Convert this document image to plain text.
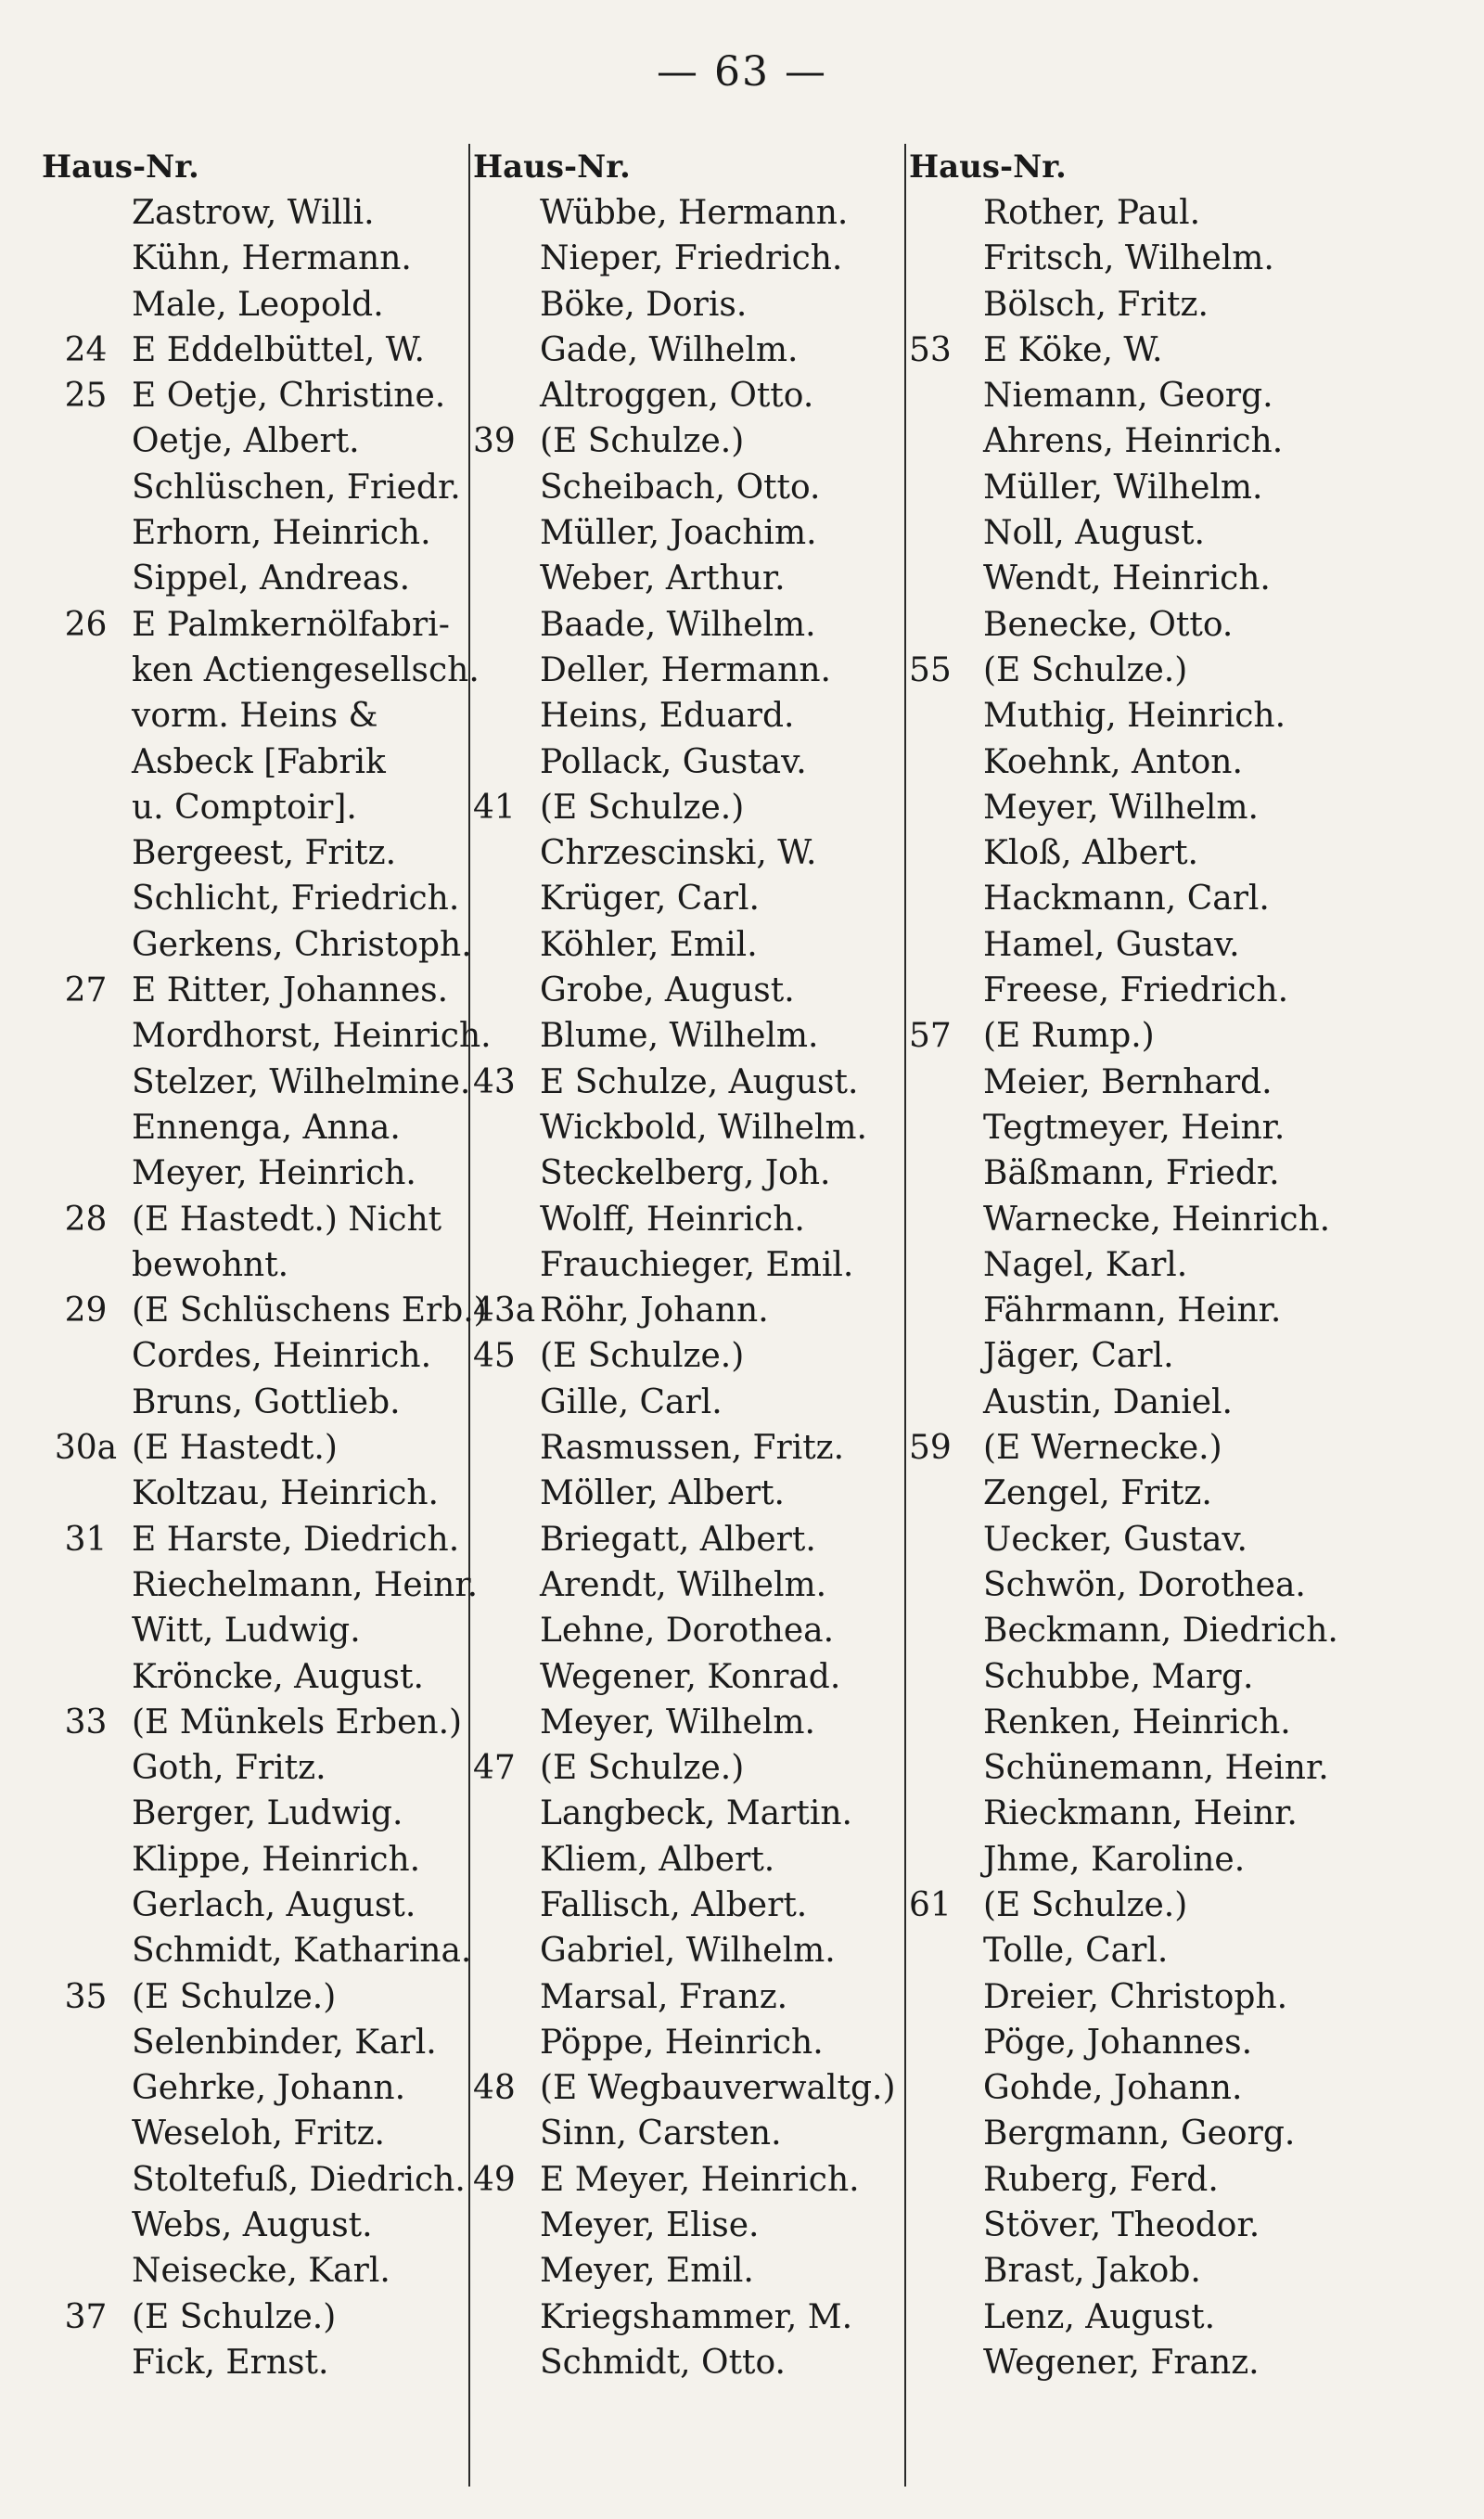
— 63 —
Haus-Nr.
Zastrow, Willi.
Kühn, Hermann.
Male, Leopold.
24 E Eddelbüttel, W.
25 E Oetje, Christine.
Oetje, Albert.
Schlüschen, Friedr.
Erhorn, Heinrich.
Sippel, Andreas.
26 E Palmkernölfabri-
ken Actiengesellsch.
vorm. Heins &
Asbeck [Fabrik
u. Comptoir].
Bergeest, Fritz.
Schlicht, Friedrich.
Gerkens, Christoph.
27 E Ritter, Johannes.
Mordhorst, Heinrich.
Stelzer, Wilhelmine.
Ennenga, Anna.
Meyer, Heinrich.
28 (E Hastedt.) Nicht
bewohnt.
29 (E Schlüschens Erb.)
Cordes, Heinrich.
Bruns, Gottlieb.
30a (E Hastedt.)
Koltzau, Heinrich.
31 E Harste, Diedrich.
Riechelmann, Heinr.
Witt, Ludwig.
Kröncke, August.
33 (E Münkels Erben.)
Goth, Fritz.
Berger, Ludwig.
Klippe, Heinrich.
Gerlach, August.
Schmidt, Katharina.
35 (E Schulze.)
Selenbinder, Karl.
Gehrke, Johann.
Weseloh, Fritz.
Stoltefuß, Diedrich.
Webs, August.
Neisecke, Karl.
37 (E Schulze.)
Fick, Ernst.
Haus-Nr.
Wübbe, Hermann.
Nieper, Friedrich.
Böke, Doris.
Gade, Wilhelm.
Altroggen, Otto.
39 (E Schulze.)
Scheibach, Otto.
Müller, Joachim.
Weber, Arthur.
Baade, Wilhelm.
Deller, Hermann.
Heins, Eduard.
Pollack, Gustav.
41 (E Schulze.)
Chrzescinski, W.
Krüger, Carl.
Köhler, Emil.
Grobe, August.
Blume, Wilhelm.
43 E Schulze, August.
Wickbold, Wilhelm.
Steckelberg, Joh.
Wolff, Heinrich.
Frauchieger, Emil.
43a Röhr, Johann.
45 (E Schulze.)
Gille, Carl.
Rasmussen, Fritz.
Möller, Albert.
Briegatt, Albert.
Arendt, Wilhelm.
Lehne, Dorothea.
Wegener, Konrad.
Meyer, Wilhelm.
47 (E Schulze.)
Langbeck, Martin.
Kliem, Albert.
Fallisch, Albert.
Gabriel, Wilhelm.
Marsal, Franz.
Pöppe, Heinrich.
48 (E Wegbauverwaltg.)
Sinn, Carsten.
49 E Meyer, Heinrich.
Meyer, Elise.
Meyer, Emil.
Kriegshammer, M.
Schmidt, Otto.
Haus-Nr.
Rother, Paul.
Fritsch, Wilhelm.
Bölsch, Fritz.
53 E Köke, W.
Niemann, Georg.
Ahrens, Heinrich.
Müller, Wilhelm.
Noll, August.
Wendt, Heinrich.
Benecke, Otto.
55 (E Schulze.)
Muthig, Heinrich.
Koehnk, Anton.
Meyer, Wilhelm.
Kloß, Albert.
Hackmann, Carl.
Hamel, Gustav.
Freese, Friedrich.
57 (E Rump.)
Meier, Bernhard.
Tegtmeyer, Heinr.
Bäßmann, Friedr.
Warnecke, Heinrich.
Nagel, Karl.
Fährmann, Heinr.
Jäger, Carl.
Austin, Daniel.
59 (E Wernecke.)
Zengel, Fritz.
Uecker, Gustav.
Schwön, Dorothea.
Beckmann, Diedrich.
Schubbe, Marg.
Renken, Heinrich.
Schünemann, Heinr.
Rieckmann, Heinr.
Jhme, Karoline.
61 (E Schulze.)
Tolle, Carl.
Dreier, Christoph.
Pöge, Johannes.
Gohde, Johann.
Bergmann, Georg.
Ruberg, Ferd.
Stöver, Theodor.
Brast, Jakob.
Lenz, August.
Wegener, Franz.
